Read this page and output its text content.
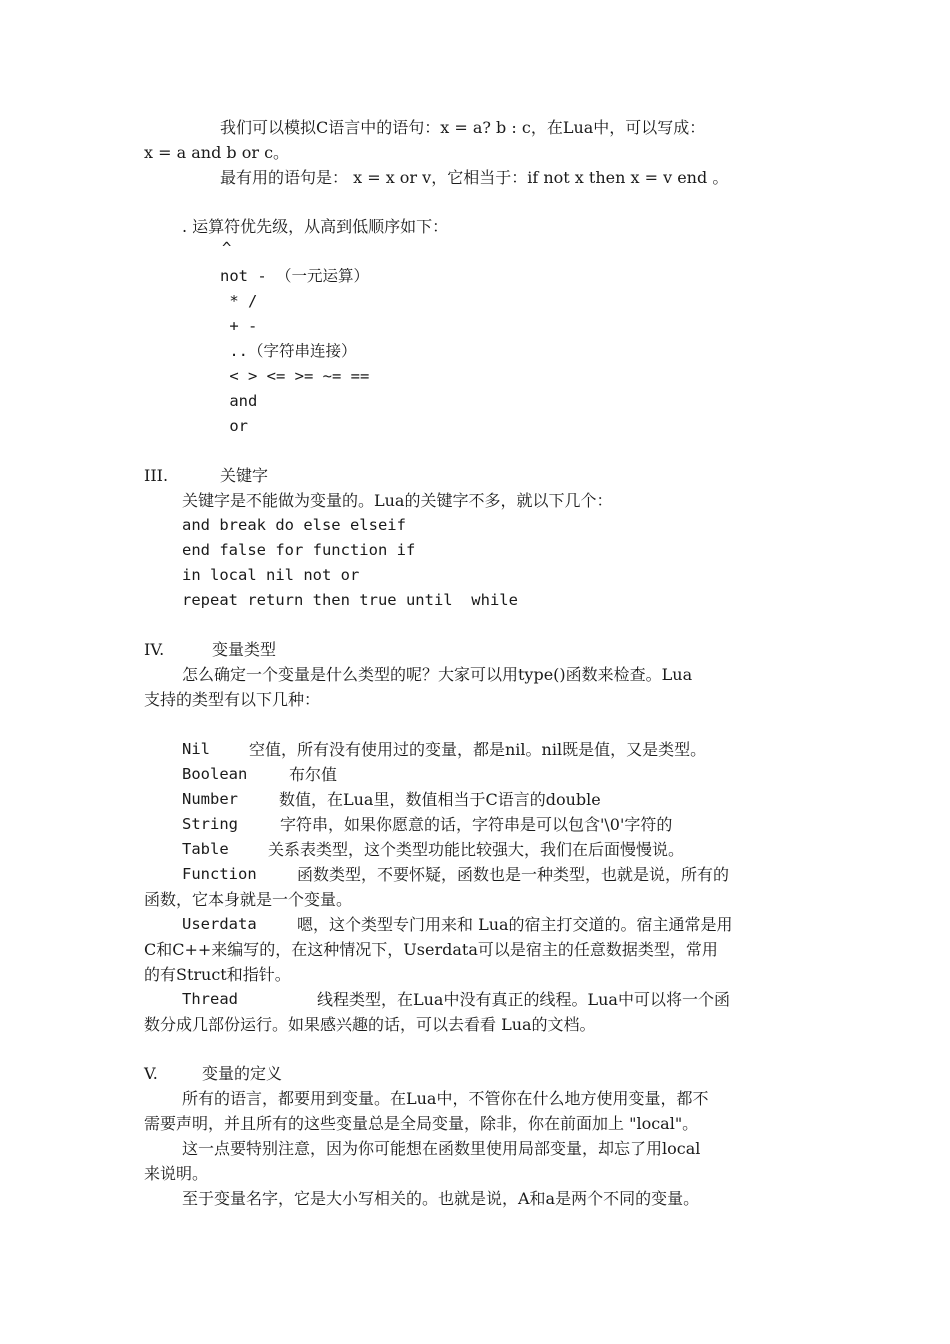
我们可以模拟C语言中的语句：x = a? b : c，在Lua中，可以写成：
x = a and b or c。
最有用的语句是： x = x or v，它相当于：if not x then x = v end 。
. 运算符优先级，从高到低顺序如下：
^
not - （一元运算）
* /
+ -
..（字符串连接）
< > <= >= ~= ==
and
or
III.	关键字
关键字是不能做为变量的。Lua的关键字不多，就以下几个：
and break do else elseif
end false for function if
in local nil not or
repeat return then true until  while
IV.	变量类型
怎么确定一个变量是什么类型的呢？大家可以用type()函数来检查。Lua
支持的类型有以下几种：
Nil 空值，所有没有使用过的变量，都是nil。nil既是值，又是类型。
Boolean	布尔值
Number	数值，在Lua里，数值相当于C语言的double
String	字符串，如果你愿意的话，字符串是可以包含'\0'字符的
Table 关系表类型，这个类型功能比较强大，我们在后面慢慢说。
Function	函数类型，不要怀疑，函数也是一种类型，也就是说，所有的
函数，它本身就是一个变量。
Userdata	嗯，这个类型专门用来和 Lua的宿主打交道的。宿主通常是用
C和C++来编写的，在这种情况下，Userdata可以是宿主的任意数据类型，常用
的有Struct和指针。
Thread	线程类型，在Lua中没有真正的线程。Lua中可以将一个函
数分成几部份运行。如果感兴趣的话，可以去看看 Lua的文档。
V.	变量的定义
所有的语言，都要用到变量。在Lua中，不管你在什么地方使用变量，都不
需要声明，并且所有的这些变量总是全局变量，除非，你在前面加上 "local"。
这一点要特别注意，因为你可能想在函数里使用局部变量，却忘了用local
来说明。
至于变量名字，它是大小写相关的。也就是说，A和a是两个不同的变量。
